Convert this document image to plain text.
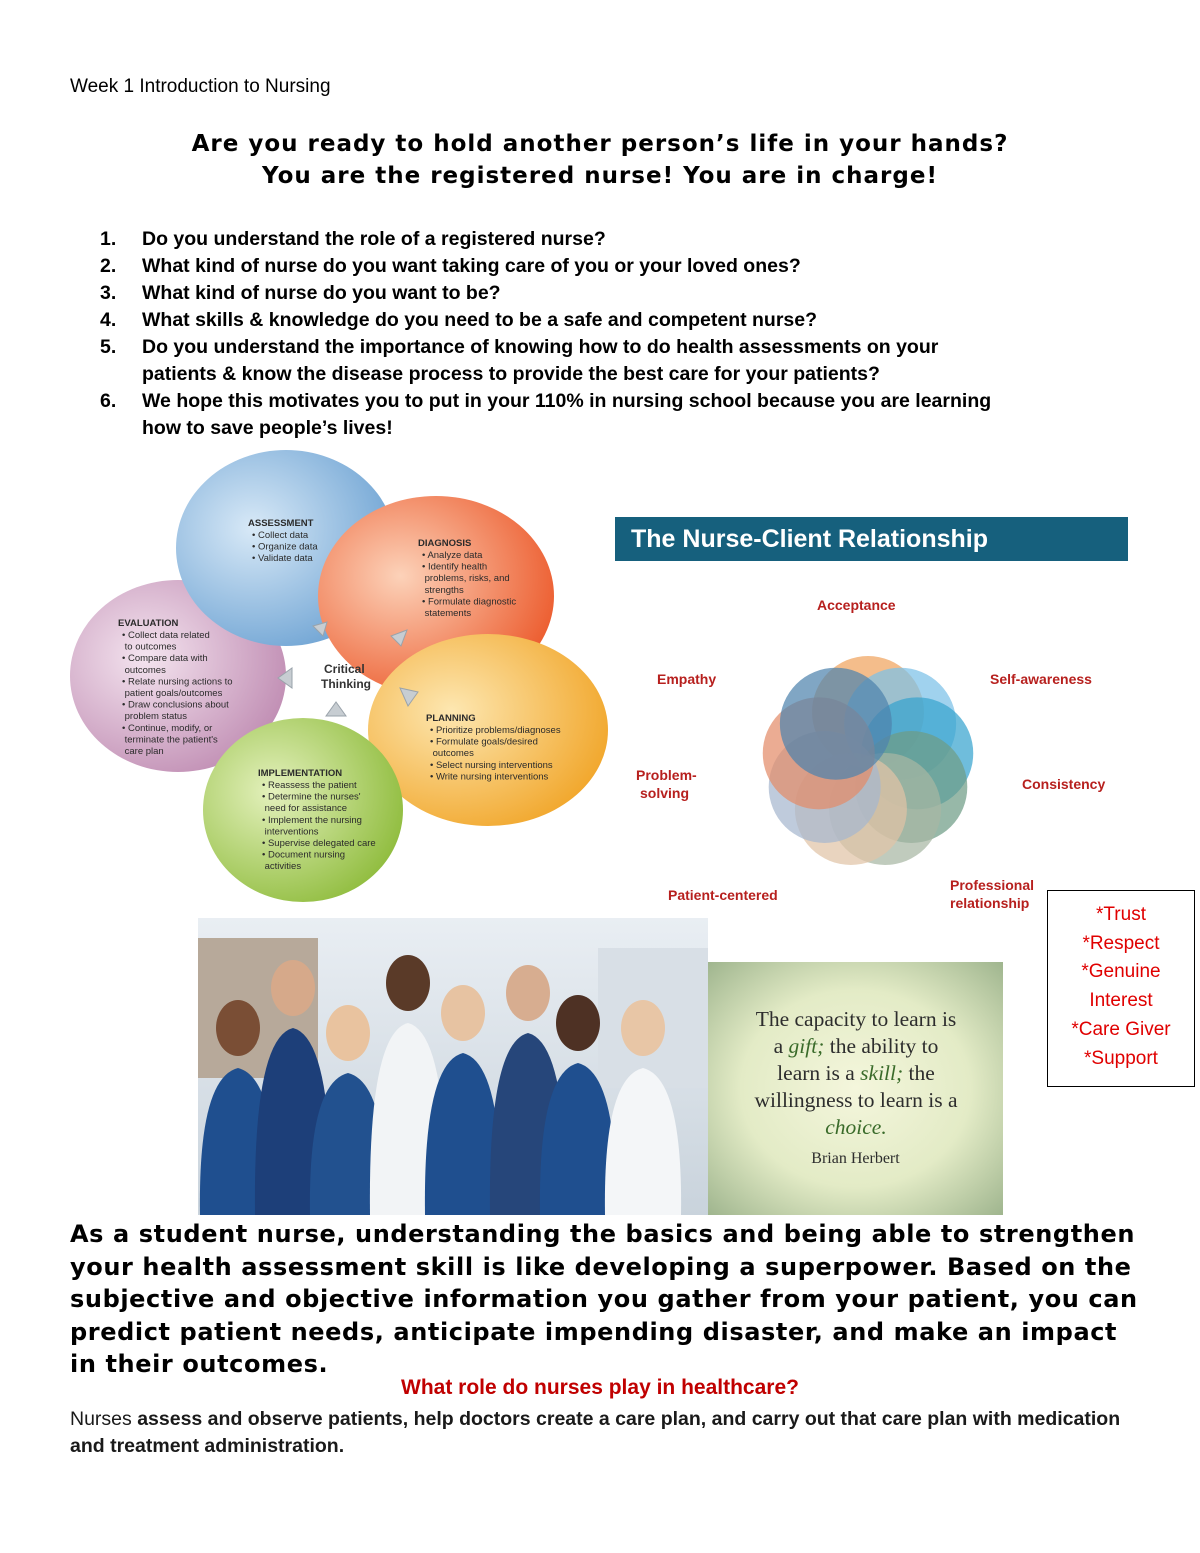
Week 1 Introduction to Nursing
Are you ready to hold another person’s life in your hands?
You are the registered nurse! You are in charge!
1.	Do you understand the role of a registered nurse?
2.	What kind of nurse do you want taking care of you or your loved ones?
3.	What kind of nurse do you want to be?
4.	What skills & knowledge do you need to be a safe and competent nurse?
5.	Do you understand the importance of knowing how to do health assessments on your
patients & know the disease process to provide the best care for your patients?
6.	We hope this motivates you to put in your 110% in nursing school because you are learning
how to save people’s lives!
Critical Thinking
ASSESSMENT • Collect data • Organize data • Validate data
DIAGNOSIS • Analyze data • Identify health problems, risks, and strengths • Formulate diagnostic statements
PLANNING • Prioritize problems/diagnoses • Formulate goals/desired outcomes • Select nursing interventions • Write nursing interventions
IMPLEMENTATION • Reassess the patient • Determine the nurses' need for assistance • Implement the nursing interventions • Supervise delegated care • Document nursing activities
EVALUATION • Collect data related to outcomes • Compare data with outcomes • Relate nursing actions to patient goals/outcomes • Draw conclusions about problem status • Continue, modify, or terminate the patient's care plan
The Nurse-Client Relationship
Acceptance
Self-awareness
Empathy
Consistency
Problem-
solving
Professional
relationship
Patient-centered
*Trust
*Respect
*Genuine
Interest
*Care Giver
*Support
The capacity to learn is
a gift; the ability to
learn is a skill; the
willingness to learn is a
choice.
Brian Herbert
As a student nurse, understanding the basics and being able to strengthen your health assessment skill is like developing a superpower. Based on the subjective and objective information you gather from your patient, you can predict patient needs, anticipate impending disaster, and make an impact in their outcomes.
What role do nurses play in healthcare?
Nurses assess and observe patients, help doctors create a care plan, and carry out that care plan with medication and treatment administration.
